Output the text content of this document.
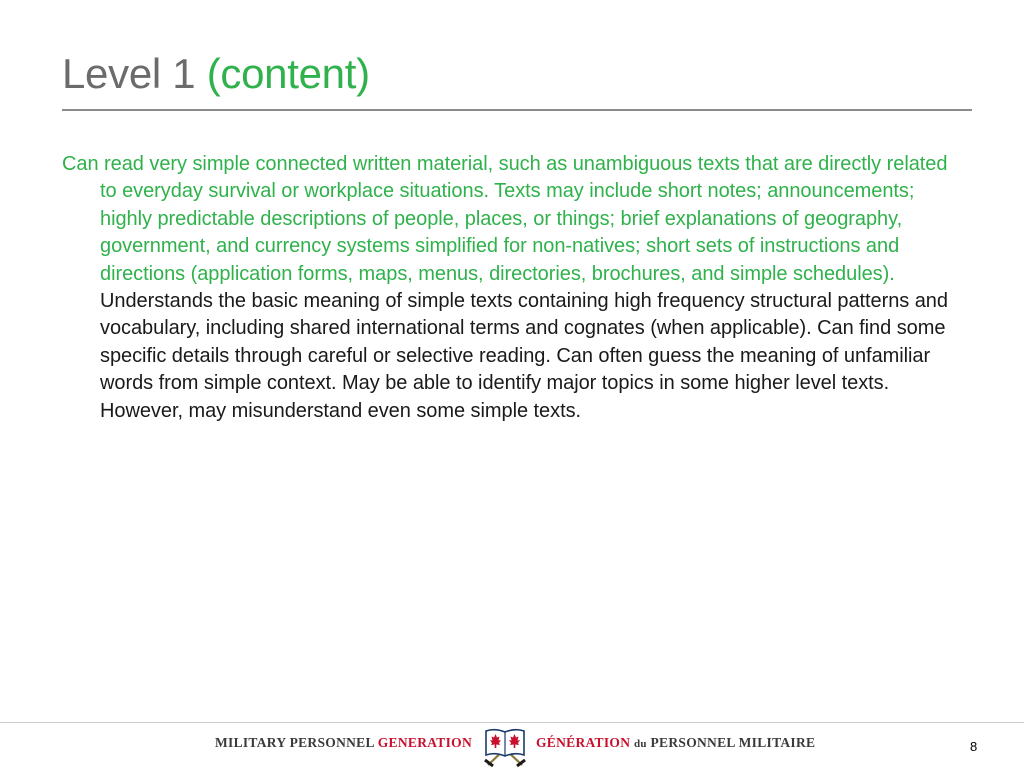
Level 1 (content)
Can read very simple connected written material, such as unambiguous texts that are directly related to everyday survival or workplace situations. Texts may include short notes; announcements; highly predictable descriptions of people, places, or things; brief explanations of geography, government, and currency systems simplified for non-natives; short sets of instructions and directions (application forms, maps, menus, directories, brochures, and simple schedules). Understands the basic meaning of simple texts containing high frequency structural patterns and vocabulary, including shared international terms and cognates (when applicable). Can find some specific details through careful or selective reading. Can often guess the meaning of unfamiliar words from simple context. May be able to identify major topics in some higher level texts. However, may misunderstand even some simple texts.
MILITARY PERSONNEL GENERATION	GÉNÉRATION du PERSONNEL MILITAIRE	8
